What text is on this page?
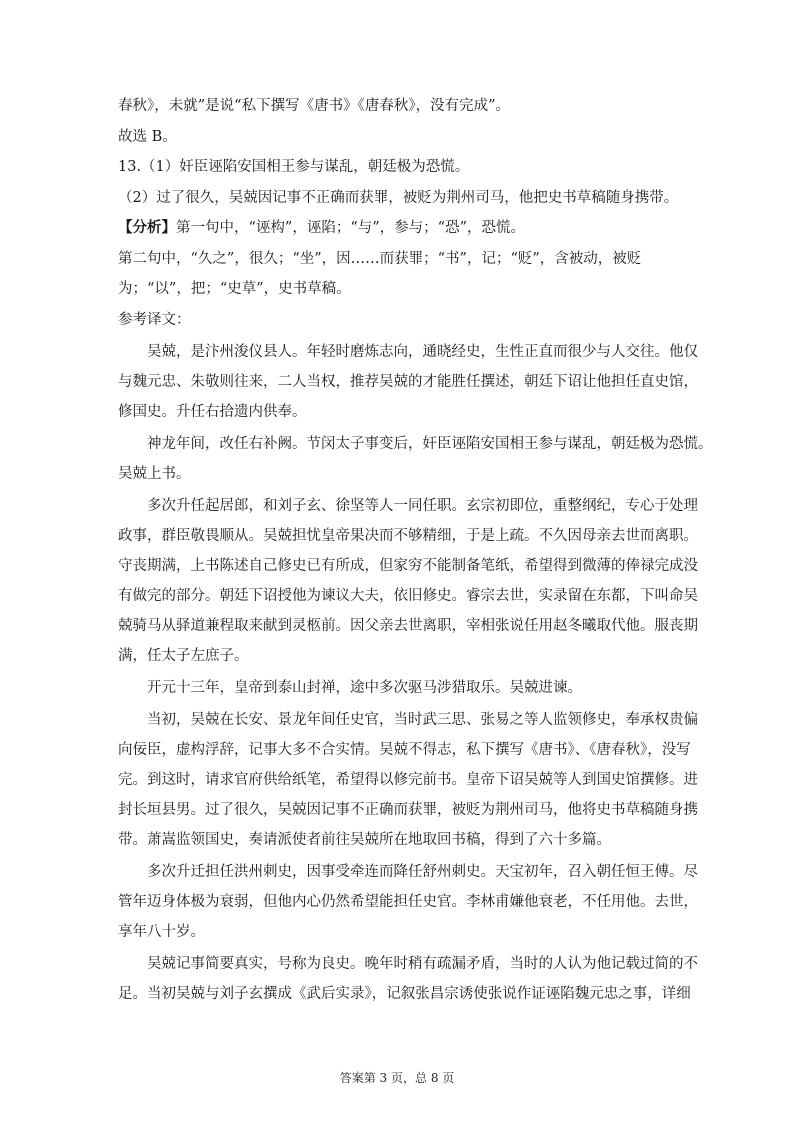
春秋》，未就”是说“私下撰写《唐书》《唐春秋》，没有完成”。

故选 B。

13.（1）奸臣诬陷安国相王参与谋乱，朝廷极为恐慌。

（2）过了很久，吴兢因记事不正确而获罪，被贬为荆州司马，他把史书草稿随身携带。

【分析】第一句中，“诬构”，诬陷；“与”，参与；“恐”，恐慌。

第二句中，“久之”，很久；“坐”，因……而获罪；“书”，记；“贬”，含被动，被贬

为；“以”，把；“史草”，史书草稿。

参考译文：

吴兢，是汴州浚仪县人。年轻时磨炼志向，通晓经史，生性正直而很少与人交往。他仅

与魏元忠、朱敬则往来，二人当权，推荐吴兢的才能胜任撰述，朝廷下诏让他担任直史馆，

修国史。升任右拾遗内供奉。

神龙年间，改任右补阙。节闵太子事变后，奸臣诬陷安国相王参与谋乱，朝廷极为恐慌。

吴兢上书。

多次升任起居郎，和刘子玄、徐坚等人一同任职。玄宗初即位，重整纲纪，专心于处理

政事，群臣敬畏顺从。吴兢担忧皇帝果决而不够精细，于是上疏。不久因母亲去世而离职。

守丧期满，上书陈述自己修史已有所成，但家穷不能制备笔纸，希望得到微薄的俸禄完成没

有做完的部分。朝廷下诏授他为谏议大夫，依旧修史。睿宗去世，实录留在东都，下叫命吴

兢骑马从驿道兼程取来献到灵柩前。因父亲去世离职，宰相张说任用赵冬曦取代他。服丧期

满，任太子左庶子。

开元十三年，皇帝到泰山封禅，途中多次驱马涉猎取乐。吴兢进谏。

当初，吴兢在长安、景龙年间任史官，当时武三思、张易之等人监领修史，奉承权贵偏

向佞臣，虚构浮辞，记事大多不合实情。吴兢不得志，私下撰写《唐书》、《唐春秋》，没写

完。到这时，请求官府供给纸笔，希望得以修完前书。皇帝下诏吴兢等人到国史馆撰修。进

封长垣县男。过了很久，吴兢因记事不正确而获罪，被贬为荆州司马，他将史书草稿随身携

带。萧嵩监领国史，奏请派使者前往吴兢所在地取回书稿，得到了六十多篇。

多次升迁担任洪州刺史，因事受牵连而降任舒州刺史。天宝初年，召入朝任恒王傅。尽

管年迈身体极为衰弱，但他内心仍然希望能担任史官。李林甫嫌他衰老，不任用他。去世，

享年八十岁。

吴兢记事简要真实，号称为良史。晚年时稍有疏漏矛盾，当时的人认为他记载过简的不

足。当初吴兢与刘子玄撰成《武后实录》，记叙张昌宗诱使张说作证诬陷魏元忠之事，详细

答案第 3 页，总 8 页
